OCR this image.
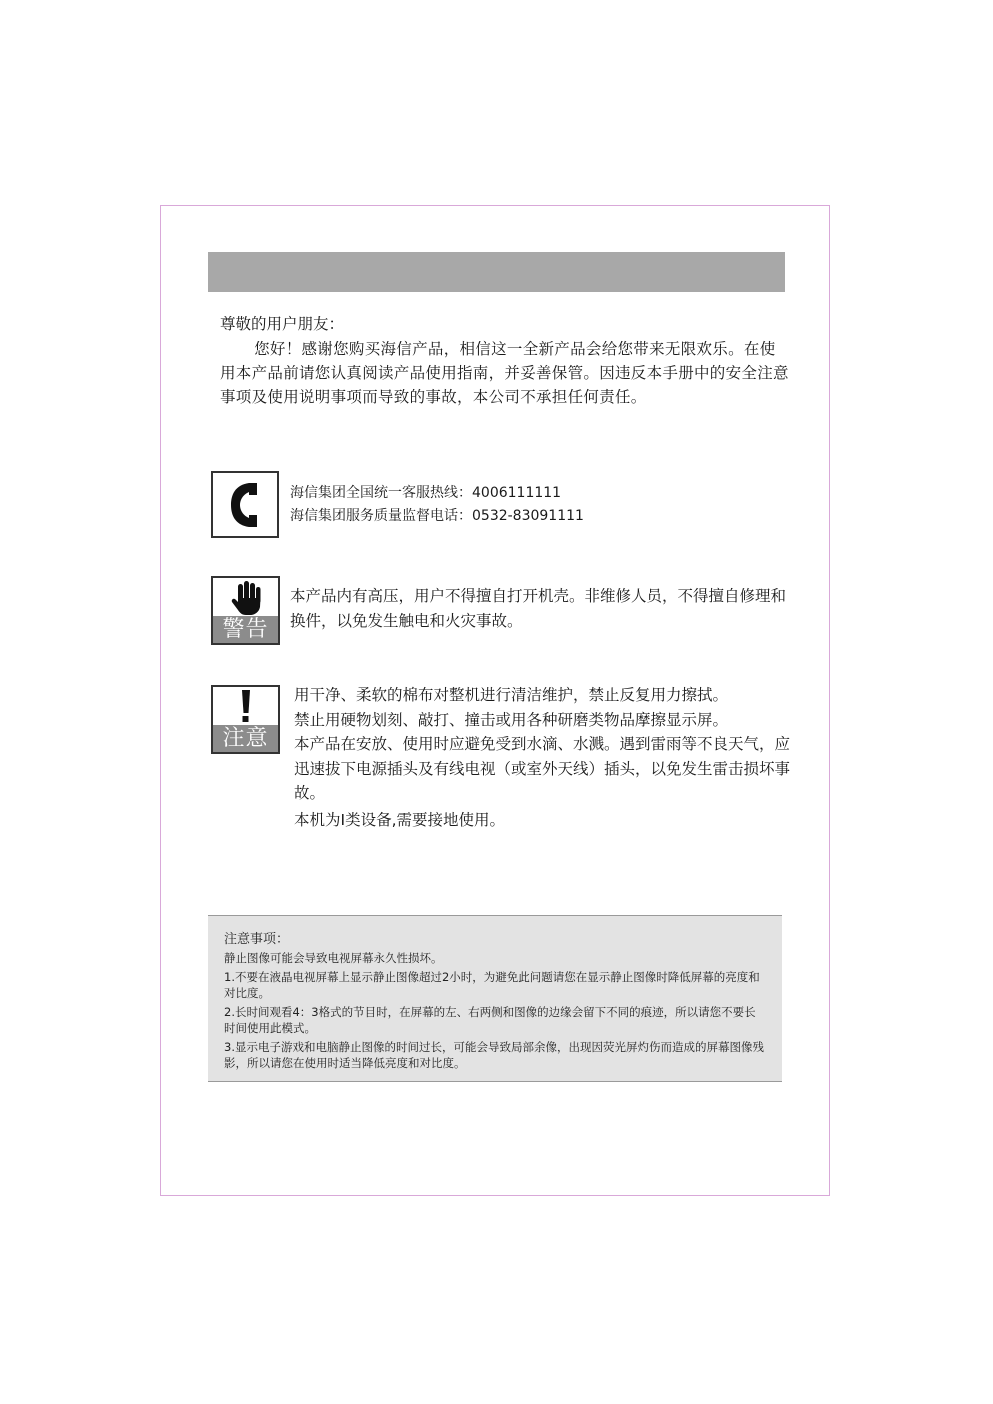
尊敬的用户朋友：

您好！感谢您购买海信产品，相信这一全新产品会给您带来无限欢乐。在使用本产品前请您认真阅读产品使用指南，并妥善保管。因违反本手册中的安全注意事项及使用说明事项而导致的事故，本公司不承担任何责任。

海信集团全国统一客服热线：4006111111
海信集团服务质量监督电话：0532-83091111
警告
本产品内有高压，用户不得擅自打开机壳。非维修人员，不得擅自修理和换件，以免发生触电和火灾事故。
注意

用干净、柔软的棉布对整机进行清洁维护，禁止反复用力擦拭。

禁止用硬物划刻、敲打、撞击或用各种研磨类物品摩擦显示屏。

本产品在安放、使用时应避免受到水滴、水溅。遇到雷雨等不良天气，应迅速拔下电源插头及有线电视（或室外天线）插头，以免发生雷击损坏事故。

本机为Ⅰ类设备,需要接地使用。

注意事项：

静止图像可能会导致电视屏幕永久性损坏。

1.不要在液晶电视屏幕上显示静止图像超过2小时，为避免此问题请您在显示静止图像时降低屏幕的亮度和对比度。

2.长时间观看4：3格式的节目时，在屏幕的左、右两侧和图像的边缘会留下不同的痕迹，所以请您不要长时间使用此模式。

3.显示电子游戏和电脑静止图像的时间过长，可能会导致局部余像，出现因荧光屏灼伤而造成的屏幕图像残影，所以请您在使用时适当降低亮度和对比度。
